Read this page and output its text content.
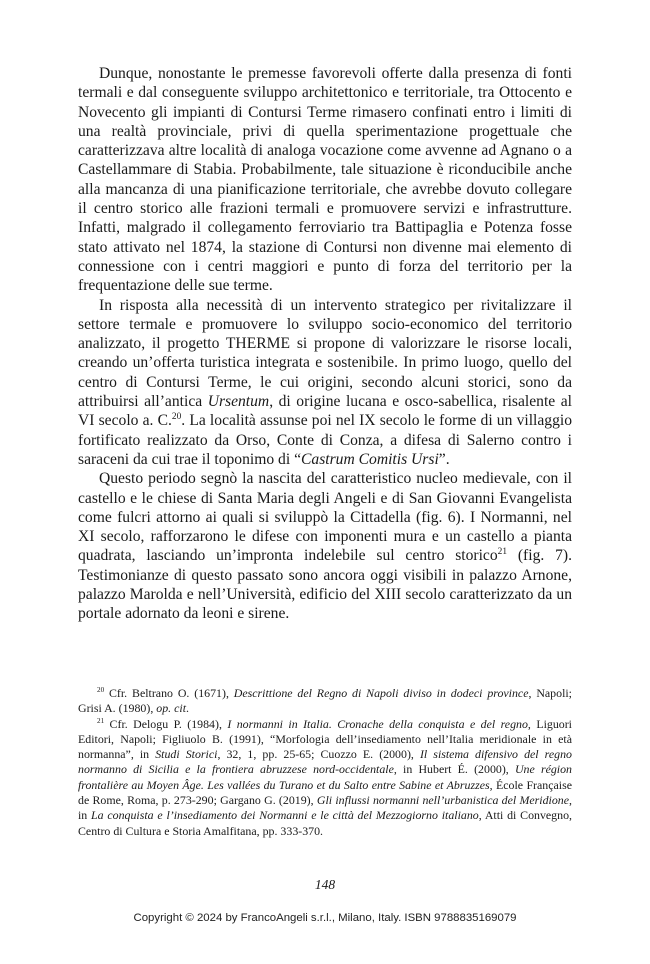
Dunque, nonostante le premesse favorevoli offerte dalla presenza di fonti termali e dal conseguente sviluppo architettonico e territoriale, tra Ottocento e Novecento gli impianti di Contursi Terme rimasero confinati entro i limiti di una realtà provinciale, privi di quella sperimentazione progettuale che caratterizzava altre località di analoga vocazione come avvenne ad Agnano o a Castellammare di Stabia. Probabilmente, tale situazione è riconducibile anche alla mancanza di una pianificazione territoriale, che avrebbe dovuto collegare il centro storico alle frazioni termali e promuovere servizi e infrastrutture. Infatti, malgrado il collegamento ferroviario tra Battipaglia e Potenza fosse stato attivato nel 1874, la stazione di Contursi non divenne mai elemento di connessione con i centri maggiori e punto di forza del territorio per la frequentazione delle sue terme.

In risposta alla necessità di un intervento strategico per rivitalizzare il settore termale e promuovere lo sviluppo socio-economico del territorio analizzato, il progetto THERME si propone di valorizzare le risorse locali, creando un’offerta turistica integrata e sostenibile. In primo luogo, quello del centro di Contursi Terme, le cui origini, secondo alcuni storici, sono da attribuirsi all’antica Ursentum, di origine lucana e osco-sabellica, risalente al VI secolo a. C.$^{20}$. La località assunse poi nel IX secolo le forme di un villaggio fortificato realizzato da Orso, Conte di Conza, a difesa di Salerno contro i saraceni da cui trae il toponimo di “Castrum Comitis Ursi”.

Questo periodo segnò la nascita del caratteristico nucleo medievale, con il castello e le chiese di Santa Maria degli Angeli e di San Giovanni Evangelista come fulcri attorno ai quali si sviluppò la Cittadella (fig. 6). I Normanni, nel XI secolo, rafforzarono le difese con imponenti mura e un castello a pianta quadrata, lasciando un’impronta indelebile sul centro storico$^{21}$ (fig. 7). Testimonianze di questo passato sono ancora oggi visibili in palazzo Arnone, palazzo Marolda e nell’Università, edificio del XIII secolo caratterizzato da un portale adornato da leoni e sirene.

$^{20}$ Cfr. Beltrano O. (1671), Descrittione del Regno di Napoli diviso in dodeci province, Napoli; Grisi A. (1980), op. cit.

$^{21}$ Cfr. Delogu P. (1984), I normanni in Italia. Cronache della conquista e del regno, Liguori Editori, Napoli; Figliuolo B. (1991), “Morfologia dell’insediamento nell’Italia meridionale in età normanna”, in Studi Storici, 32, 1, pp. 25-65; Cuozzo E. (2000), Il sistema difensivo del regno normanno di Sicilia e la frontiera abruzzese nord-occidentale, in Hubert É. (2000), Une région frontalière au Moyen Âge. Les vallées du Turano et du Salto entre Sabine et Abruzzes, École Française de Rome, Roma, p. 273-290; Gargano G. (2019), Gli influssi normanni nell’urbanistica del Meridione, in La conquista e l’insediamento dei Normanni e le città del Mezzogiorno italiano, Atti di Convegno, Centro di Cultura e Storia Amalfitana, pp. 333-370.

148
Copyright © 2024 by FrancoAngeli s.r.l., Milano, Italy. ISBN 9788835169079
